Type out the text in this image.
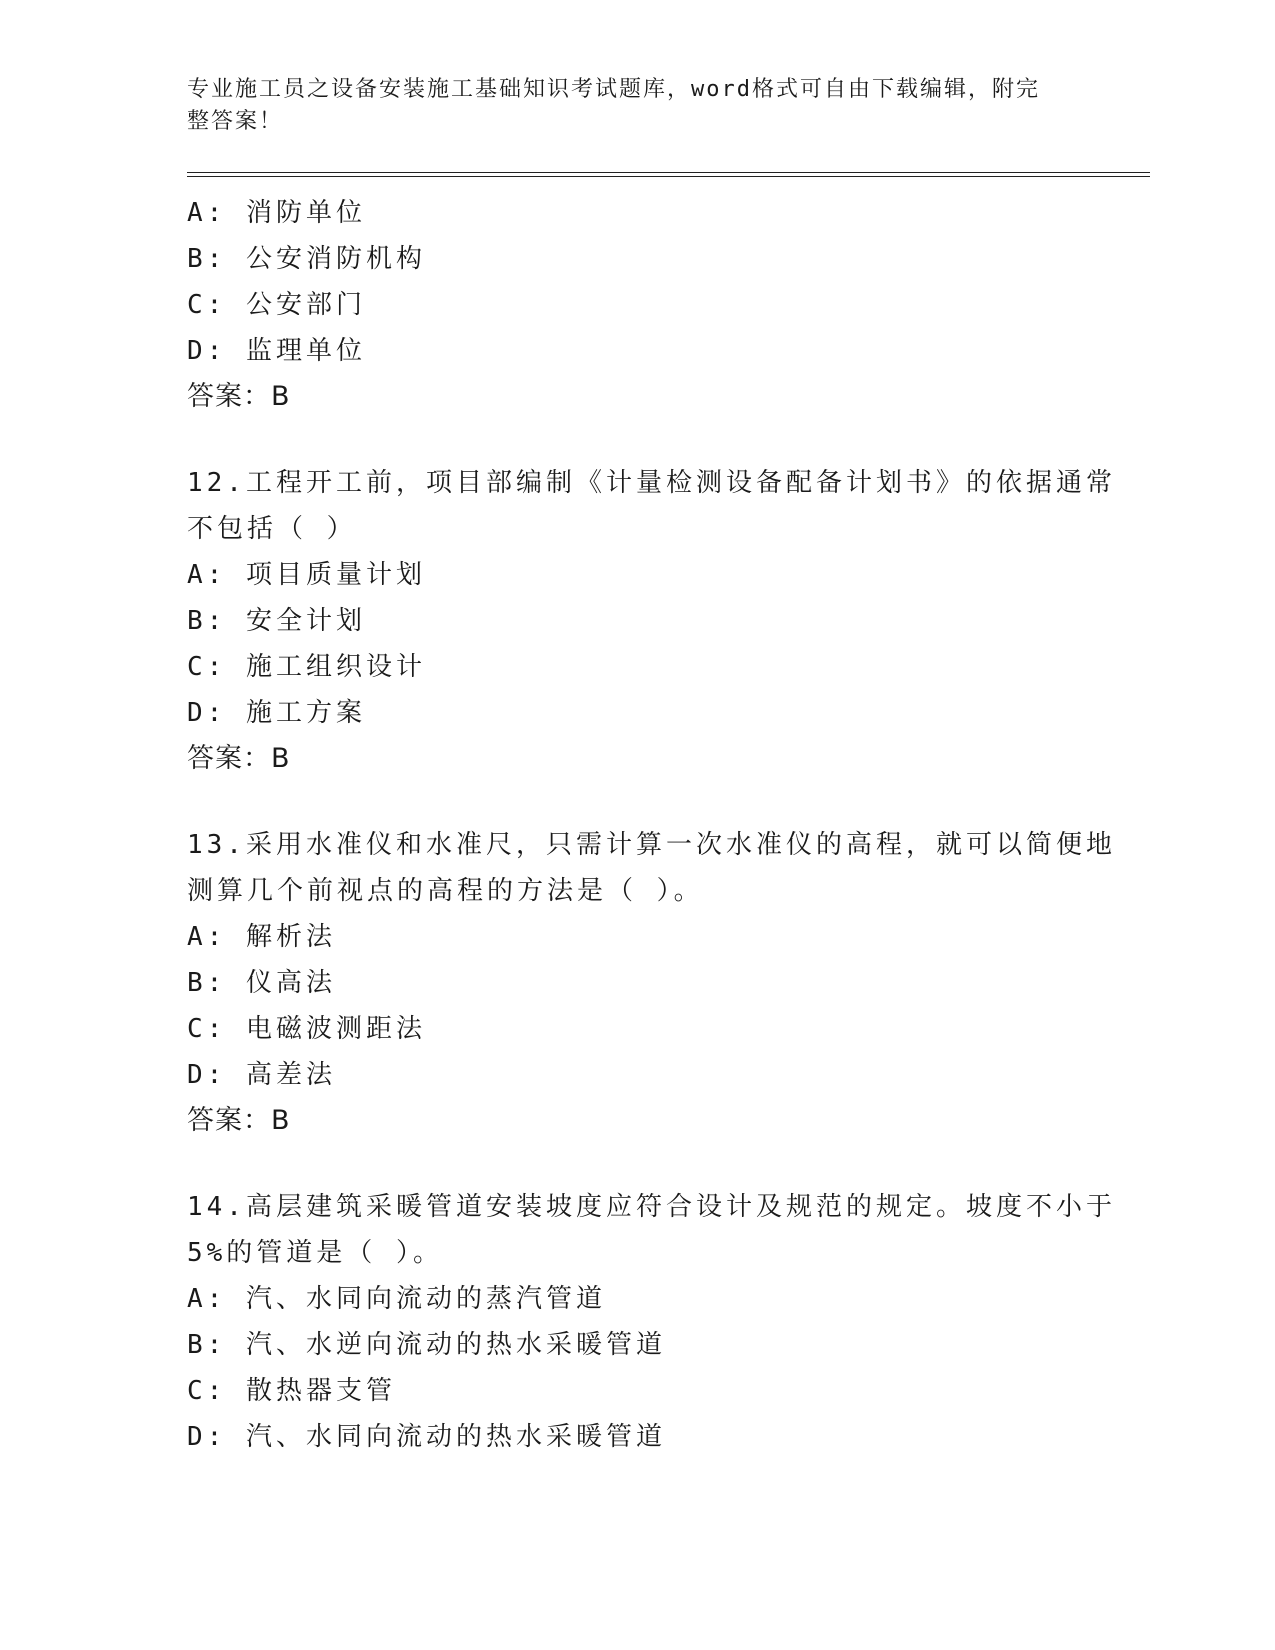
专业施工员之设备安装施工基础知识考试题库，word格式可自由下载编辑，附完
整答案！
A: 消防单位
B: 公安消防机构
C: 公安部门
D: 监理单位
答案：B
12.工程开工前，项目部编制《计量检测设备配备计划书》的依据通常
不包括（ ）
A: 项目质量计划
B: 安全计划
C: 施工组织设计
D: 施工方案
答案：B
13.采用水准仪和水准尺，只需计算一次水准仪的高程，就可以简便地
测算几个前视点的高程的方法是（ ）。
A: 解析法
B: 仪高法
C: 电磁波测距法
D: 高差法
答案：B
14.高层建筑采暖管道安装坡度应符合设计及规范的规定。坡度不小于
5%的管道是（ ）。
A: 汽、水同向流动的蒸汽管道
B: 汽、水逆向流动的热水采暖管道
C: 散热器支管
D: 汽、水同向流动的热水采暖管道
